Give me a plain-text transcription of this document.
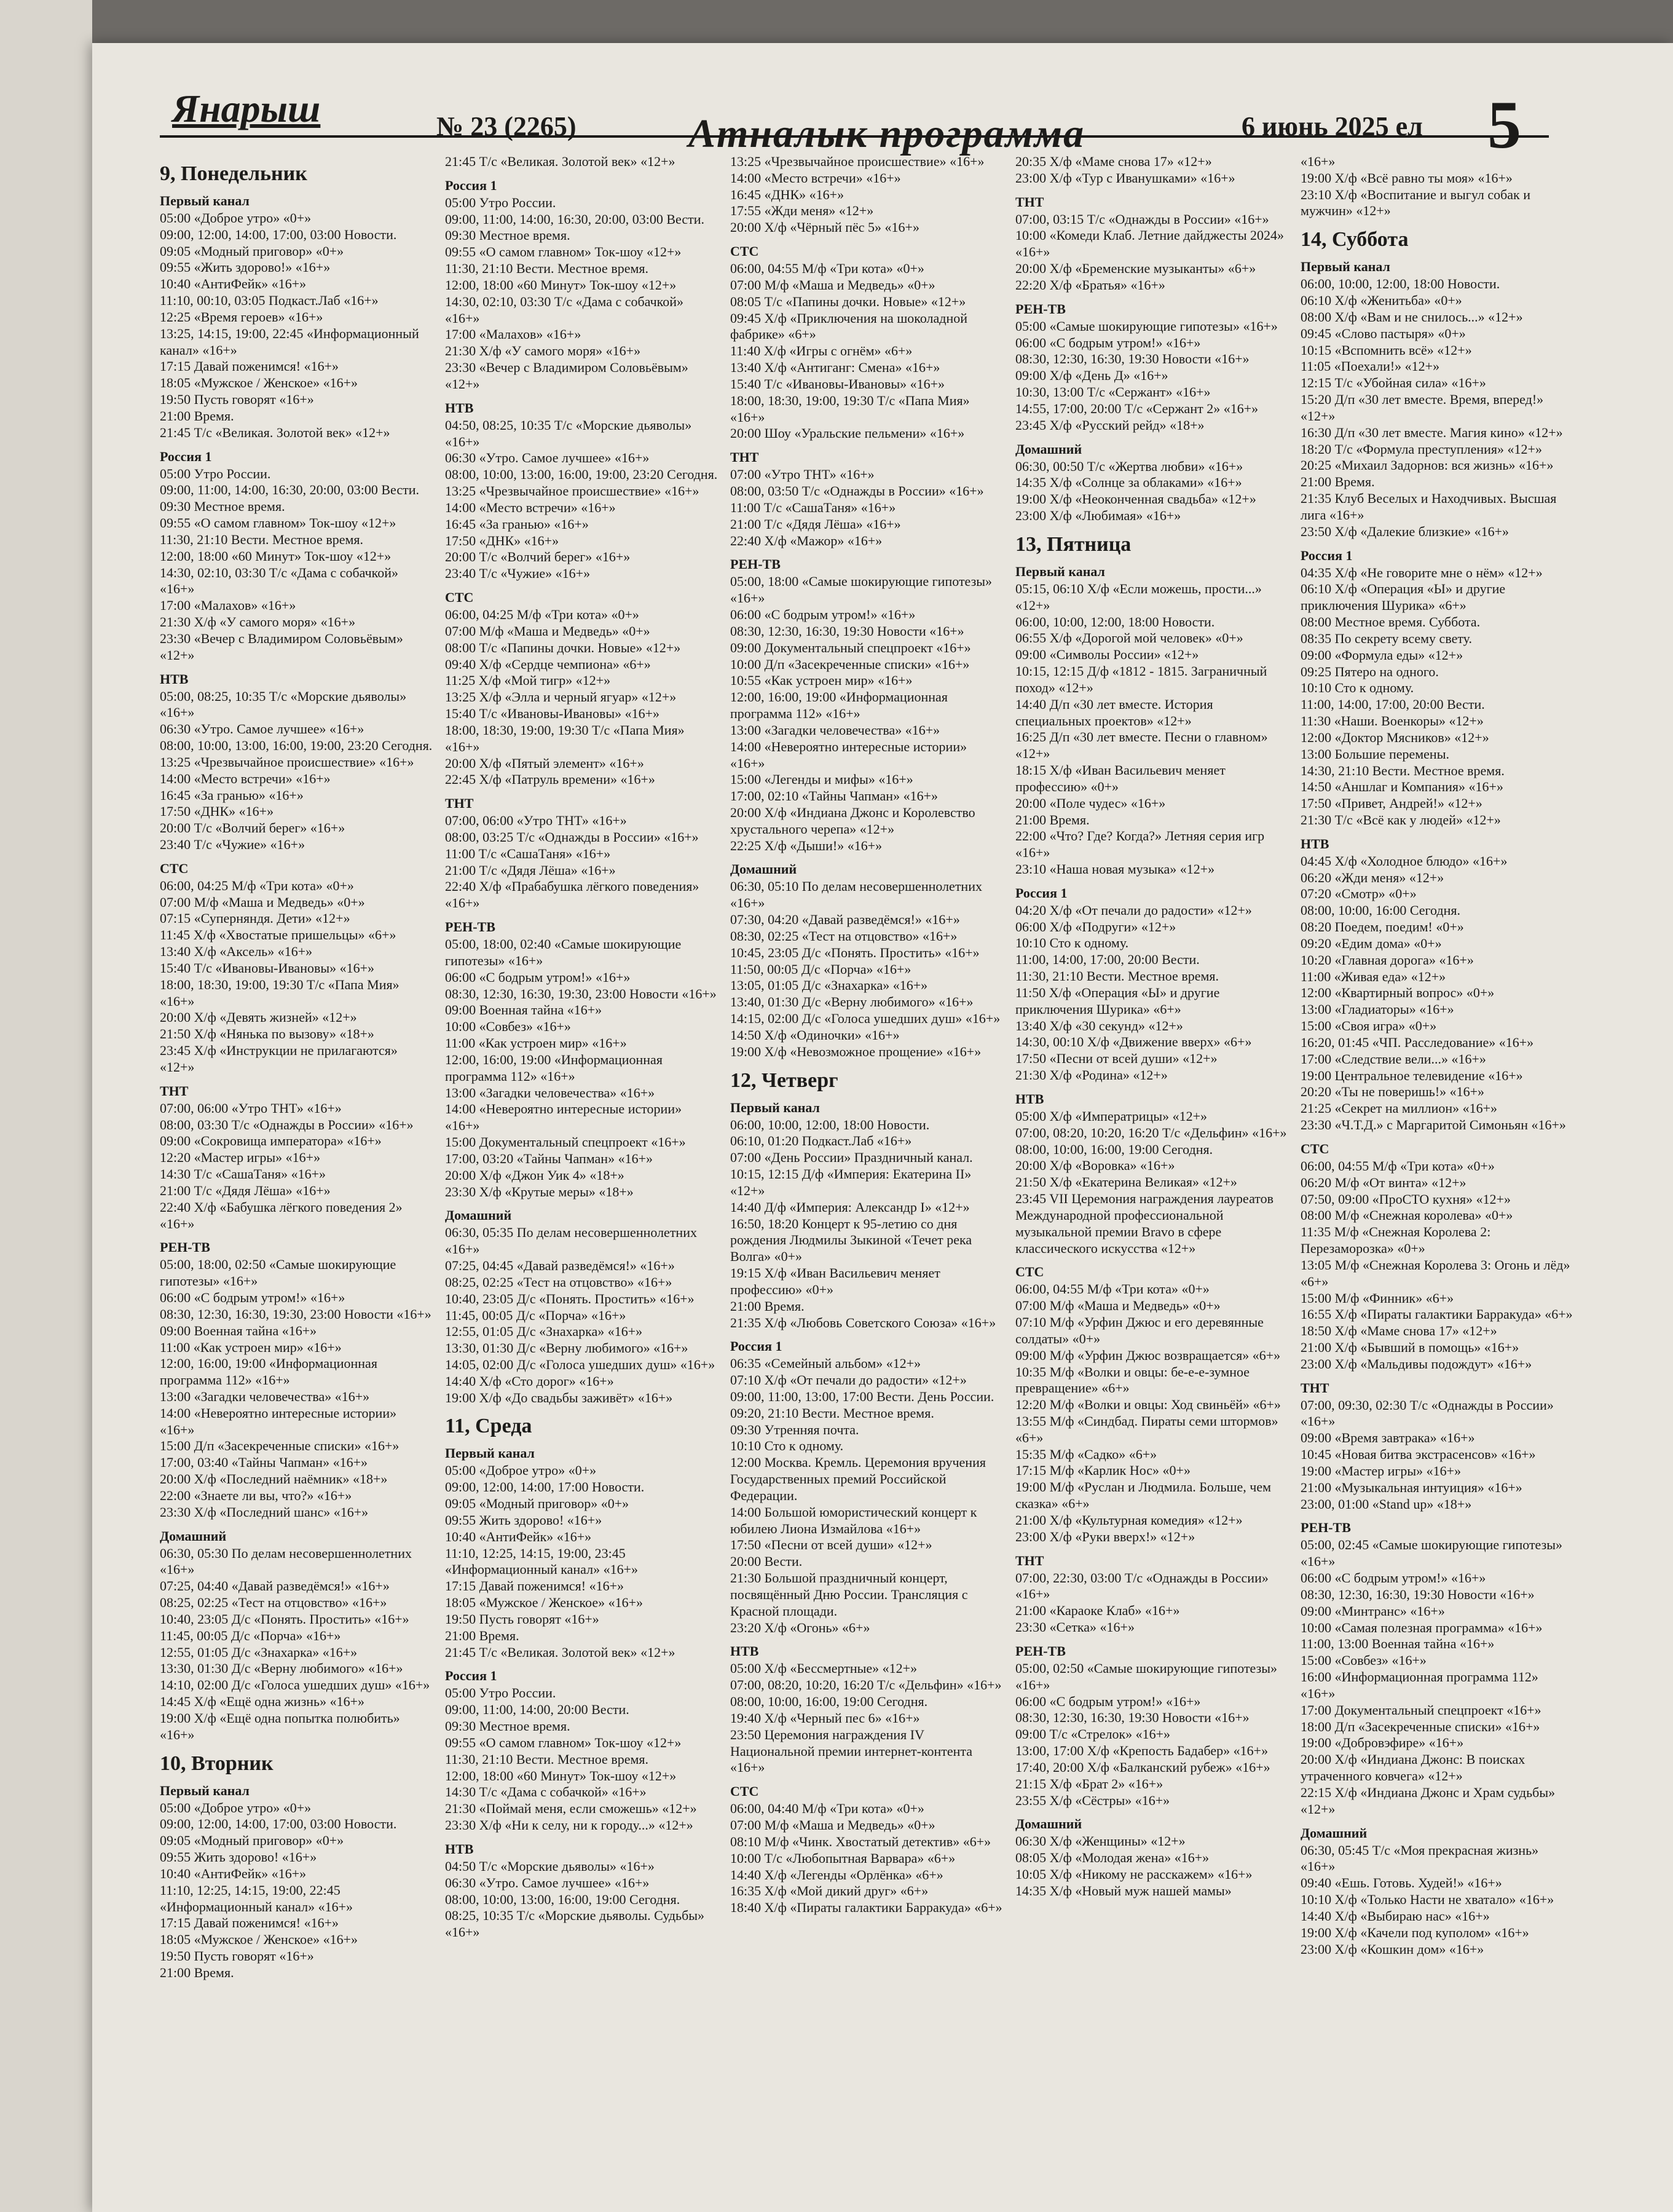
Янарыш	№ 23 (2265)	Атналык программа	6 июнь 2025 ел 5
9, Понедельник
Первый канал

05:00 «Доброе утро» «0+»

09:00, 12:00, 14:00, 17:00, 03:00 Новости.

09:05 «Модный приговор» «0+»

09:55 «Жить здорово!» «16+»

10:40 «АнтиФейк» «16+»

11:10, 00:10, 03:05 Подкаст.Лаб «16+»

12:25 «Время героев» «16+»

13:25, 14:15, 19:00, 22:45 «Информационный канал» «16+»

17:15 Давай поженимся! «16+»

18:05 «Мужское / Женское» «16+»

19:50 Пусть говорят «16+»

21:00 Время.

21:45 Т/с «Великая. Золотой век» «12+»

Россия 1

05:00 Утро России.

09:00, 11:00, 14:00, 16:30, 20:00, 03:00 Вести.

09:30 Местное время.

09:55 «О самом главном» Ток-шоу «12+»

11:30, 21:10 Вести. Местное время.

12:00, 18:00 «60 Минут» Ток-шоу «12+»

14:30, 02:10, 03:30 Т/с «Дама с собачкой» «16+»

17:00 «Малахов» «16+»

21:30 Х/ф «У самого моря» «16+»

23:30 «Вечер с Владимиром Соловьёвым» «12+»

НТВ

05:00, 08:25, 10:35 Т/с «Морские дьяволы» «16+»

06:30 «Утро. Самое лучшее» «16+»

08:00, 10:00, 13:00, 16:00, 19:00, 23:20 Сегодня.

13:25 «Чрезвычайное происшествие» «16+»

14:00 «Место встречи» «16+»

16:45 «За гранью» «16+»

17:50 «ДНК» «16+»

20:00 Т/с «Волчий берег» «16+»

23:40 Т/с «Чужие» «16+»

СТС

06:00, 04:25 М/ф «Три кота» «0+»

07:00 М/ф «Маша и Медведь» «0+»

07:15 «Суперняндя. Дети» «12+»

11:45 Х/ф «Хвостатые пришельцы» «6+»

13:40 Х/ф «Аксель» «16+»

15:40 Т/с «Ивановы-Ивановы» «16+»

18:00, 18:30, 19:00, 19:30 Т/с «Папа Мия» «16+»

20:00 Х/ф «Девять жизней» «12+»

21:50 Х/ф «Нянька по вызову» «18+»

23:45 Х/ф «Инструкции не прилагаются» «12+»

ТНТ

07:00, 06:00 «Утро ТНТ» «16+»

08:00, 03:30 Т/с «Однажды в России» «16+»

09:00 «Сокровища императора» «16+»

12:20 «Мастер игры» «16+»

14:30 Т/с «СашаТаня» «16+»

21:00 Т/с «Дядя Лёша» «16+»

22:40 Х/ф «Бабушка лёгкого поведения 2» «16+»

РЕН-ТВ

05:00, 18:00, 02:50 «Самые шокирующие гипотезы» «16+»

06:00 «С бодрым утром!» «16+»

08:30, 12:30, 16:30, 19:30, 23:00 Новости «16+»

09:00 Военная тайна «16+»

11:00 «Как устроен мир» «16+»

12:00, 16:00, 19:00 «Информационная программа 112» «16+»

13:00 «Загадки человечества» «16+»

14:00 «Невероятно интересные истории» «16+»

15:00 Д/п «Засекреченные списки» «16+»

17:00, 03:40 «Тайны Чапман» «16+»

20:00 Х/ф «Последний наёмник» «18+»

22:00 «Знаете ли вы, что?» «16+»

23:30 Х/ф «Последний шанс» «16+»

Домашний

06:30, 05:30 По делам несовершеннолетних «16+»

07:25, 04:40 «Давай разведёмся!» «16+»

08:25, 02:25 «Тест на отцовство» «16+»

10:40, 23:05 Д/с «Понять. Простить» «16+»

11:45, 00:05 Д/с «Порча» «16+»

12:55, 01:05 Д/с «Знахарка» «16+»

13:30, 01:30 Д/с «Верну любимого» «16+»

14:10, 02:00 Д/с «Голоса ушедших душ» «16+»

14:45 Х/ф «Ещё одна жизнь» «16+»

19:00 Х/ф «Ещё одна попытка полюбить» «16+»

10, Вторник
Первый канал

05:00 «Доброе утро» «0+»

09:00, 12:00, 14:00, 17:00, 03:00 Новости.

09:05 «Модный приговор» «0+»

09:55 Жить здорово! «16+»

10:40 «АнтиФейк» «16+»

11:10, 12:25, 14:15, 19:00, 22:45 «Информационный канал» «16+»

17:15 Давай поженимся! «16+»

18:05 «Мужское / Женское» «16+»

19:50 Пусть говорят «16+»

21:00 Время.

21:45 Т/с «Великая. Золотой век» «12+»

Россия 1

05:00 Утро России.

09:00, 11:00, 14:00, 16:30, 20:00, 03:00 Вести.

09:30 Местное время.

09:55 «О самом главном» Ток-шоу «12+»

11:30, 21:10 Вести. Местное время.

12:00, 18:00 «60 Минут» Ток-шоу «12+»

14:30, 02:10, 03:30 Т/с «Дама с собачкой» «16+»

17:00 «Малахов» «16+»

21:30 Х/ф «У самого моря» «16+»

23:30 «Вечер с Владимиром Соловьёвым» «12+»

НТВ

04:50, 08:25, 10:35 Т/с «Морские дьяволы» «16+»

06:30 «Утро. Самое лучшее» «16+»

08:00, 10:00, 13:00, 16:00, 19:00, 23:20 Сегодня.

13:25 «Чрезвычайное происшествие» «16+»

14:00 «Место встречи» «16+»

16:45 «За гранью» «16+»

17:50 «ДНК» «16+»

20:00 Т/с «Волчий берег» «16+»

23:40 Т/с «Чужие» «16+»

СТС

06:00, 04:25 М/ф «Три кота» «0+»

07:00 М/ф «Маша и Медведь» «0+»

08:00 Т/с «Папины дочки. Новые» «12+»

09:40 Х/ф «Сердце чемпиона» «6+»

11:25 Х/ф «Мой тигр» «12+»

13:25 Х/ф «Элла и черный ягуар» «12+»

15:40 Т/с «Ивановы-Ивановы» «16+»

18:00, 18:30, 19:00, 19:30 Т/с «Папа Мия» «16+»

20:00 Х/ф «Пятый элемент» «16+»

22:45 Х/ф «Патруль времени» «16+»

ТНТ

07:00, 06:00 «Утро ТНТ» «16+»

08:00, 03:25 Т/с «Однажды в России» «16+»

11:00 Т/с «СашаТаня» «16+»

21:00 Т/с «Дядя Лёша» «16+»

22:40 Х/ф «Прабабушка лёгкого поведения» «16+»

РЕН-ТВ

05:00, 18:00, 02:40 «Самые шокирующие гипотезы» «16+»

06:00 «С бодрым утром!» «16+»

08:30, 12:30, 16:30, 19:30, 23:00 Новости «16+»

09:00 Военная тайна «16+»

10:00 «Совбез» «16+»

11:00 «Как устроен мир» «16+»

12:00, 16:00, 19:00 «Информационная программа 112» «16+»

13:00 «Загадки человечества» «16+»

14:00 «Невероятно интересные истории» «16+»

15:00 Документальный спецпроект «16+»

17:00, 03:20 «Тайны Чапман» «16+»

20:00 Х/ф «Джон Уик 4» «18+»

23:30 Х/ф «Крутые меры» «18+»

Домашний

06:30, 05:35 По делам несовершеннолетних «16+»

07:25, 04:45 «Давай разведёмся!» «16+»

08:25, 02:25 «Тест на отцовство» «16+»

10:40, 23:05 Д/с «Понять. Простить» «16+»

11:45, 00:05 Д/с «Порча» «16+»

12:55, 01:05 Д/с «Знахарка» «16+»

13:30, 01:30 Д/с «Верну любимого» «16+»

14:05, 02:00 Д/с «Голоса ушедших душ» «16+»

14:40 Х/ф «Сто дорог» «16+»

19:00 Х/ф «До свадьбы заживёт» «16+»

11, Среда
Первый канал

05:00 «Доброе утро» «0+»

09:00, 12:00, 14:00, 17:00 Новости.

09:05 «Модный приговор» «0+»

09:55 Жить здорово! «16+»

10:40 «АнтиФейк» «16+»

11:10, 12:25, 14:15, 19:00, 23:45 «Информационный канал» «16+»

17:15 Давай поженимся! «16+»

18:05 «Мужское / Женское» «16+»

19:50 Пусть говорят «16+»

21:00 Время.

21:45 Т/с «Великая. Золотой век» «12+»

Россия 1

05:00 Утро России.

09:00, 11:00, 14:00, 20:00 Вести.

09:30 Местное время.

09:55 «О самом главном» Ток-шоу «12+»

11:30, 21:10 Вести. Местное время.

12:00, 18:00 «60 Минут» Ток-шоу «12+»

14:30 Т/с «Дама с собачкой» «16+»

21:30 «Поймай меня, если сможешь» «12+»

23:30 Х/ф «Ни к селу, ни к городу...» «12+»

НТВ

04:50 Т/с «Морские дьяволы» «16+»

06:30 «Утро. Самое лучшее» «16+»

08:00, 10:00, 13:00, 16:00, 19:00 Сегодня.

08:25, 10:35 Т/с «Морские дьяволы. Судьбы» «16+»

13:25 «Чрезвычайное происшествие» «16+»

14:00 «Место встречи» «16+»

16:45 «ДНК» «16+»

17:55 «Жди меня» «12+»

20:00 Х/ф «Чёрный пёс 5» «16+»

СТС

06:00, 04:55 М/ф «Три кота» «0+»

07:00 М/ф «Маша и Медведь» «0+»

08:05 Т/с «Папины дочки. Новые» «12+»

09:45 Х/ф «Приключения на шоколадной фабрике» «6+»

11:40 Х/ф «Игры с огнём» «6+»

13:40 Х/ф «Антиганг: Смена» «16+»

15:40 Т/с «Ивановы-Ивановы» «16+»

18:00, 18:30, 19:00, 19:30 Т/с «Папа Мия» «16+»

20:00 Шоу «Уральские пельмени» «16+»

ТНТ

07:00 «Утро ТНТ» «16+»

08:00, 03:50 Т/с «Однажды в России» «16+»

11:00 Т/с «СашаТаня» «16+»

21:00 Т/с «Дядя Лёша» «16+»

22:40 Х/ф «Мажор» «16+»

РЕН-ТВ

05:00, 18:00 «Самые шокирующие гипотезы» «16+»

06:00 «С бодрым утром!» «16+»

08:30, 12:30, 16:30, 19:30 Новости «16+»

09:00 Документальный спецпроект «16+»

10:00 Д/п «Засекреченные списки» «16+»

10:55 «Как устроен мир» «16+»

12:00, 16:00, 19:00 «Информационная программа 112» «16+»

13:00 «Загадки человечества» «16+»

14:00 «Невероятно интересные истории» «16+»

15:00 «Легенды и мифы» «16+»

17:00, 02:10 «Тайны Чапман» «16+»

20:00 Х/ф «Индиана Джонс и Королевство хрустального черепа» «12+»

22:25 Х/ф «Дыши!» «16+»

Домашний

06:30, 05:10 По делам несовершеннолетних «16+»

07:30, 04:20 «Давай разведёмся!» «16+»

08:30, 02:25 «Тест на отцовство» «16+»

10:45, 23:05 Д/с «Понять. Простить» «16+»

11:50, 00:05 Д/с «Порча» «16+»

13:05, 01:05 Д/с «Знахарка» «16+»

13:40, 01:30 Д/с «Верну любимого» «16+»

14:15, 02:00 Д/с «Голоса ушедших душ» «16+»

14:50 Х/ф «Одиночки» «16+»

19:00 Х/ф «Невозможное прощение» «16+»

12, Четверг
Первый канал

06:00, 10:00, 12:00, 18:00 Новости.

06:10, 01:20 Подкаст.Лаб «16+»

07:00 «День России» Праздничный канал.

10:15, 12:15 Д/ф «Империя: Екатерина II» «12+»

14:40 Д/ф «Империя: Александр I» «12+»

16:50, 18:20 Концерт к 95-летию со дня рождения Людмилы Зыкиной «Течет река Волга» «0+»

19:15 Х/ф «Иван Васильевич меняет профессию» «0+»

21:00 Время.

21:35 Х/ф «Любовь Советского Союза» «16+»

Россия 1

06:35 «Семейный альбом» «12+»

07:10 Х/ф «От печали до радости» «12+»

09:00, 11:00, 13:00, 17:00 Вести. День России.

09:20, 21:10 Вести. Местное время.

09:30 Утренняя почта.

10:10 Сто к одному.

12:00 Москва. Кремль. Церемония вручения Государственных премий Российской Федерации.

14:00 Большой юмористический концерт к юбилею Лиона Измайлова «16+»

17:50 «Песни от всей души» «12+»

20:00 Вести.

21:30 Большой праздничный концерт, посвящённый Дню России. Трансляция с Красной площади.

23:20 Х/ф «Огонь» «6+»

НТВ

05:00 Х/ф «Бессмертные» «12+»

07:00, 08:20, 10:20, 16:20 Т/с «Дельфин» «16+»

08:00, 10:00, 16:00, 19:00 Сегодня.

19:40 Х/ф «Черный пес 6» «16+»

23:50 Церемония награждения IV Национальной премии интернет-контента «16+»

СТС

06:00, 04:40 М/ф «Три кота» «0+»

07:00 М/ф «Маша и Медведь» «0+»

08:10 М/ф «Чинк. Хвостатый детектив» «6+»

10:00 Т/с «Любопытная Варвара» «6+»

14:40 Х/ф «Легенды «Орлёнка» «6+»

16:35 Х/ф «Мой дикий друг» «6+»

18:40 Х/ф «Пираты галактики Барракуда» «6+»

20:35 Х/ф «Маме снова 17» «12+»

23:00 Х/ф «Тур с Иванушками» «16+»

ТНТ

07:00, 03:15 Т/с «Однажды в России» «16+»

10:00 «Комеди Клаб. Летние дайджесты 2024» «16+»

20:00 Х/ф «Бременские музыканты» «6+»

22:20 Х/ф «Братья» «16+»

РЕН-ТВ

05:00 «Самые шокирующие гипотезы» «16+»

06:00 «С бодрым утром!» «16+»

08:30, 12:30, 16:30, 19:30 Новости «16+»

09:00 Х/ф «День Д» «16+»

10:30, 13:00 Т/с «Сержант» «16+»

14:55, 17:00, 20:00 Т/с «Сержант 2» «16+»

23:45 Х/ф «Русский рейд» «18+»

Домашний

06:30, 00:50 Т/с «Жертва любви» «16+»

14:35 Х/ф «Солнце за облаками» «16+»

19:00 Х/ф «Неоконченная свадьба» «12+»

23:00 Х/ф «Любимая» «16+»

13, Пятница
Первый канал

05:15, 06:10 Х/ф «Если можешь, прости...» «12+»

06:00, 10:00, 12:00, 18:00 Новости.

06:55 Х/ф «Дорогой мой человек» «0+»

09:00 «Символы России» «12+»

10:15, 12:15 Д/ф «1812 - 1815. Заграничный поход» «12+»

14:40 Д/п «30 лет вместе. История специальных проектов» «12+»

16:25 Д/п «30 лет вместе. Песни о главном» «12+»

18:15 Х/ф «Иван Васильевич меняет профессию» «0+»

20:00 «Поле чудес» «16+»

21:00 Время.

22:00 «Что? Где? Когда?» Летняя серия игр «16+»

23:10 «Наша новая музыка» «12+»

Россия 1

04:20 Х/ф «От печали до радости» «12+»

06:00 Х/ф «Подруги» «12+»

10:10 Сто к одному.

11:00, 14:00, 17:00, 20:00 Вести.

11:30, 21:10 Вести. Местное время.

11:50 Х/ф «Операция «Ы» и другие приключения Шурика» «6+»

13:40 Х/ф «30 секунд» «12+»

14:30, 00:10 Х/ф «Движение вверх» «6+»

17:50 «Песни от всей души» «12+»

21:30 Х/ф «Родина» «12+»

НТВ

05:00 Х/ф «Императрицы» «12+»

07:00, 08:20, 10:20, 16:20 Т/с «Дельфин» «16+»

08:00, 10:00, 16:00, 19:00 Сегодня.

20:00 Х/ф «Воровка» «16+»

21:50 Х/ф «Екатерина Великая» «12+»

23:45 VII Церемония награждения лауреатов Международной профессиональной музыкальной премии Bravo в сфере классического искусства «12+»

СТС

06:00, 04:55 М/ф «Три кота» «0+»

07:00 М/ф «Маша и Медведь» «0+»

07:10 М/ф «Урфин Джюс и его деревянные солдаты» «0+»

09:00 М/ф «Урфин Джюс возвращается» «6+»

10:35 М/ф «Волки и овцы: бе-е-е-зумное превращение» «6+»

12:20 М/ф «Волки и овцы: Ход свиньёй» «6+»

13:55 М/ф «Синдбад. Пираты семи штормов» «6+»

15:35 М/ф «Садко» «6+»

17:15 М/ф «Карлик Нос» «0+»

19:00 М/ф «Руслан и Людмила. Больше, чем сказка» «6+»

21:00 Х/ф «Культурная комедия» «12+»

23:00 Х/ф «Руки вверх!» «12+»

ТНТ

07:00, 22:30, 03:00 Т/с «Однажды в России» «16+»

21:00 «Караоке Клаб» «16+»

23:30 «Сетка» «16+»

РЕН-ТВ

05:00, 02:50 «Самые шокирующие гипотезы» «16+»

06:00 «С бодрым утром!» «16+»

08:30, 12:30, 16:30, 19:30 Новости «16+»

09:00 Т/с «Стрелок» «16+»

13:00, 17:00 Х/ф «Крепость Бадабер» «16+»

17:40, 20:00 Х/ф «Балканский рубеж» «16+»

21:15 Х/ф «Брат 2» «16+»

23:55 Х/ф «Сёстры» «16+»

Домашний

06:30 Х/ф «Женщины» «12+»

08:05 Х/ф «Молодая жена» «16+»

10:05 Х/ф «Никому не расскажем» «16+»

14:35 Х/ф «Новый муж нашей мамы»

«16+»

19:00 Х/ф «Всё равно ты моя» «16+»

23:10 Х/ф «Воспитание и выгул собак и мужчин» «12+»

14, Суббота
Первый канал

06:00, 10:00, 12:00, 18:00 Новости.

06:10 Х/ф «Женитьба» «0+»

08:00 Х/ф «Вам и не снилось...» «12+»

09:45 «Слово пастыря» «0+»

10:15 «Вспомнить всё» «12+»

11:05 «Поехали!» «12+»

12:15 Т/с «Убойная сила» «16+»

15:20 Д/п «30 лет вместе. Время, вперед!» «12+»

16:30 Д/п «30 лет вместе. Магия кино» «12+»

18:20 Т/с «Формула преступления» «12+»

20:25 «Михаил Задорнов: вся жизнь» «16+»

21:00 Время.

21:35 Клуб Веселых и Находчивых. Высшая лига «16+»

23:50 Х/ф «Далекие близкие» «16+»

Россия 1

04:35 Х/ф «Не говорите мне о нём» «12+»

06:10 Х/ф «Операция «Ы» и другие приключения Шурика» «6+»

08:00 Местное время. Суббота.

08:35 По секрету всему свету.

09:00 «Формула еды» «12+»

09:25 Пятеро на одного.

10:10 Сто к одному.

11:00, 14:00, 17:00, 20:00 Вести.

11:30 «Наши. Военкоры» «12+»

12:00 «Доктор Мясников» «12+»

13:00 Большие перемены.

14:30, 21:10 Вести. Местное время.

14:50 «Аншлаг и Компания» «16+»

17:50 «Привет, Андрей!» «12+»

21:30 Т/с «Всё как у людей» «12+»

НТВ

04:45 Х/ф «Холодное блюдо» «16+»

06:20 «Жди меня» «12+»

07:20 «Смотр» «0+»

08:00, 10:00, 16:00 Сегодня.

08:20 Поедем, поедим! «0+»

09:20 «Едим дома» «0+»

10:20 «Главная дорога» «16+»

11:00 «Живая еда» «12+»

12:00 «Квартирный вопрос» «0+»

13:00 «Гладиаторы» «16+»

15:00 «Своя игра» «0+»

16:20, 01:45 «ЧП. Расследование» «16+»

17:00 «Следствие вели...» «16+»

19:00 Центральное телевидение «16+»

20:20 «Ты не поверишь!» «16+»

21:25 «Секрет на миллион» «16+»

23:30 «Ч.Т.Д.» с Маргаритой Симоньян «16+»

СТС

06:00, 04:55 М/ф «Три кота» «0+»

06:20 М/ф «От винта» «12+»

07:50, 09:00 «ПроСТО кухня» «12+»

08:00 М/ф «Снежная королева» «0+»

11:35 М/ф «Снежная Королева 2: Перезаморозка» «0+»

13:05 М/ф «Снежная Королева 3: Огонь и лёд» «6+»

15:00 М/ф «Финник» «6+»

16:55 Х/ф «Пираты галактики Барракуда» «6+»

18:50 Х/ф «Маме снова 17» «12+»

21:00 Х/ф «Бывший в помощь» «16+»

23:00 Х/ф «Мальдивы подождут» «16+»

ТНТ

07:00, 09:30, 02:30 Т/с «Однажды в России» «16+»

09:00 «Время завтрака» «16+»

10:45 «Новая битва экстрасенсов» «16+»

19:00 «Мастер игры» «16+»

21:00 «Музыкальная интуиция» «16+»

23:00, 01:00 «Stand up» «18+»

РЕН-ТВ

05:00, 02:45 «Самые шокирующие гипотезы» «16+»

06:00 «С бодрым утром!» «16+»

08:30, 12:30, 16:30, 19:30 Новости «16+»

09:00 «Минтранс» «16+»

10:00 «Самая полезная программа» «16+»

11:00, 13:00 Военная тайна «16+»

15:00 «Совбез» «16+»

16:00 «Информационная программа 112» «16+»

17:00 Документальный спецпроект «16+»

18:00 Д/п «Засекреченные списки» «16+»

19:00 «Добровэфире» «16+»

20:00 Х/ф «Индиана Джонс: В поисках утраченного ковчега» «12+»

22:15 Х/ф «Индиана Джонс и Храм судьбы» «12+»

Домашний

06:30, 05:45 Т/с «Моя прекрасная жизнь» «16+»

09:40 «Ешь. Готовь. Худей!» «16+»

10:10 Х/ф «Только Насти не хватало» «16+»

14:40 Х/ф «Выбираю нас» «16+»

19:00 Х/ф «Качели под куполом» «16+»

23:00 Х/ф «Кошкин дом» «16+»
